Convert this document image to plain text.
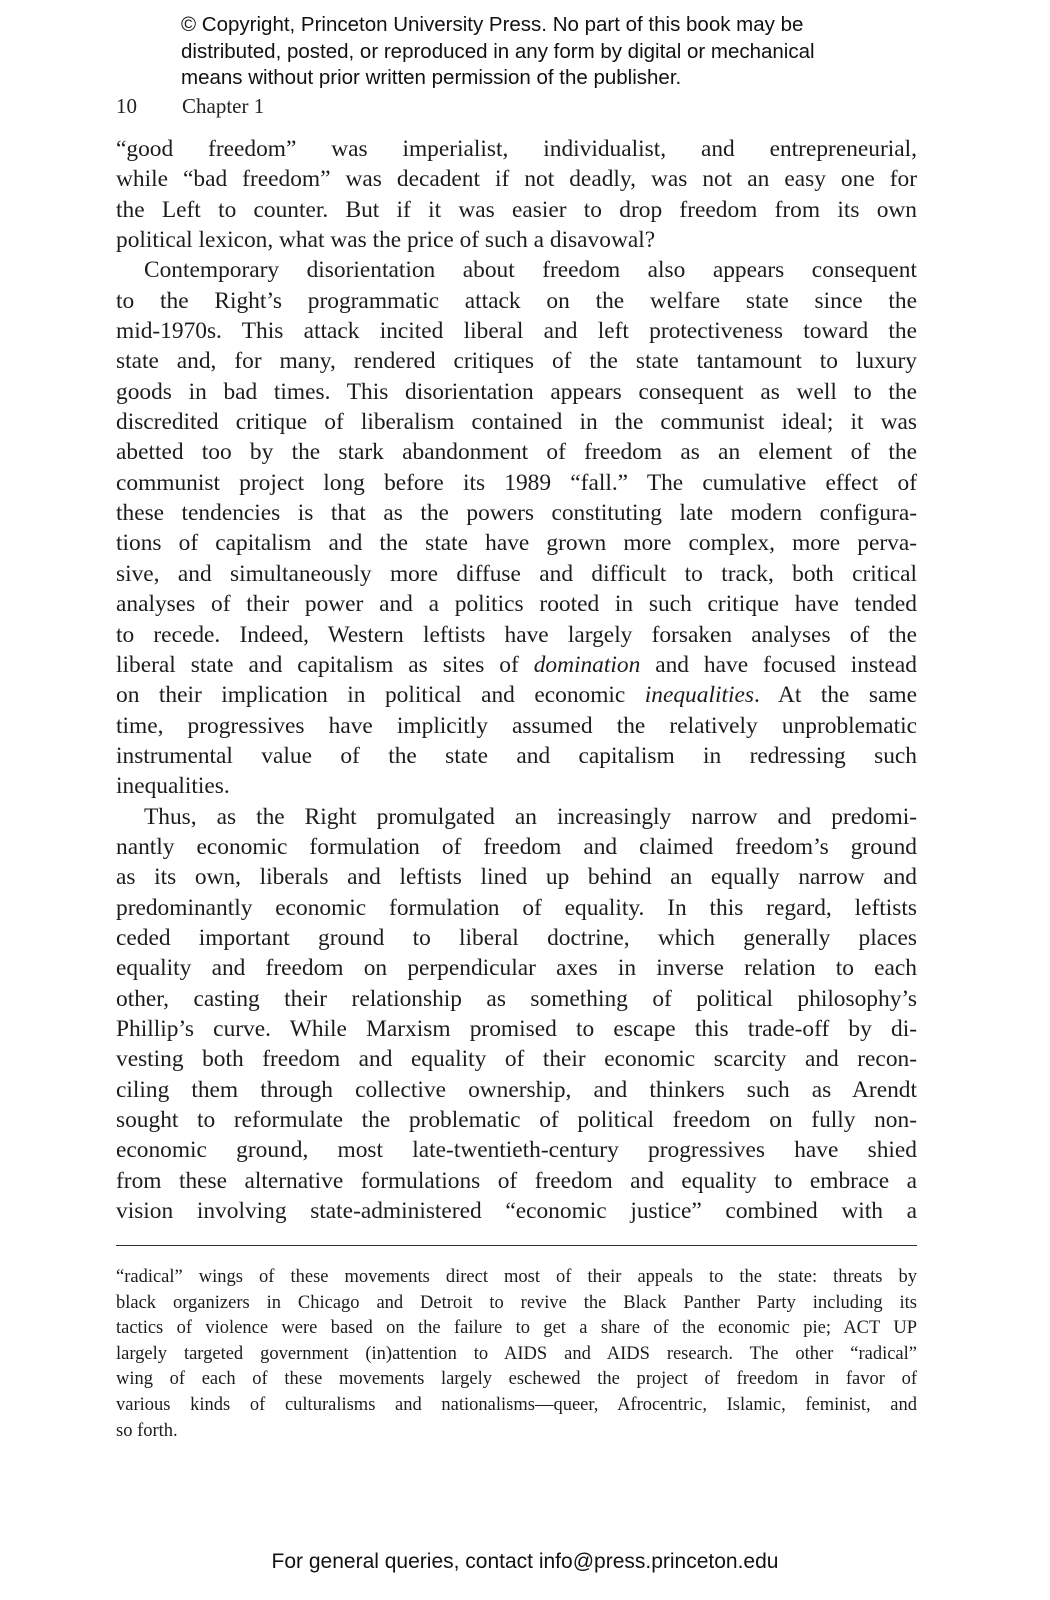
© Copyright, Princeton University Press. No part of this book may be
distributed, posted, or reproduced in any form by digital or mechanical
means without prior written permission of the publisher.
10 Chapter 1
“good freedom” was imperialist, individualist, and entrepreneurial,
while “bad freedom” was decadent if not deadly, was not an easy one for
the Left to counter. But if it was easier to drop freedom from its own
political lexicon, what was the price of such a disavowal?
Contemporary disorientation about freedom also appears consequent
to the Right’s programmatic attack on the welfare state since the
mid-1970s. This attack incited liberal and left protectiveness toward the
state and, for many, rendered critiques of the state tantamount to luxury
goods in bad times. This disorientation appears consequent as well to the
discredited critique of liberalism contained in the communist ideal; it was
abetted too by the stark abandonment of freedom as an element of the
communist project long before its 1989 “fall.” The cumulative effect of
these tendencies is that as the powers constituting late modern configura-
tions of capitalism and the state have grown more complex, more perva-
sive, and simultaneously more diffuse and difficult to track, both critical
analyses of their power and a politics rooted in such critique have tended
to recede. Indeed, Western leftists have largely forsaken analyses of the
liberal state and capitalism as sites of domination and have focused instead
on their implication in political and economic inequalities. At the same
time, progressives have implicitly assumed the relatively unproblematic
instrumental value of the state and capitalism in redressing such
inequalities.
Thus, as the Right promulgated an increasingly narrow and predomi-
nantly economic formulation of freedom and claimed freedom’s ground
as its own, liberals and leftists lined up behind an equally narrow and
predominantly economic formulation of equality. In this regard, leftists
ceded important ground to liberal doctrine, which generally places
equality and freedom on perpendicular axes in inverse relation to each
other, casting their relationship as something of political philosophy’s
Phillip’s curve. While Marxism promised to escape this trade-off by di-
vesting both freedom and equality of their economic scarcity and recon-
ciling them through collective ownership, and thinkers such as Arendt
sought to reformulate the problematic of political freedom on fully non-
economic ground, most late-twentieth-century progressives have shied
from these alternative formulations of freedom and equality to embrace a
vision involving state-administered “economic justice” combined with a
“radical” wings of these movements direct most of their appeals to the state: threats by
black organizers in Chicago and Detroit to revive the Black Panther Party including its
tactics of violence were based on the failure to get a share of the economic pie; ACT UP
largely targeted government (in)attention to AIDS and AIDS research. The other “radical”
wing of each of these movements largely eschewed the project of freedom in favor of
various kinds of culturalisms and nationalisms—queer, Afrocentric, Islamic, feminist, and
so forth.
For general queries, contact info@press.princeton.edu
